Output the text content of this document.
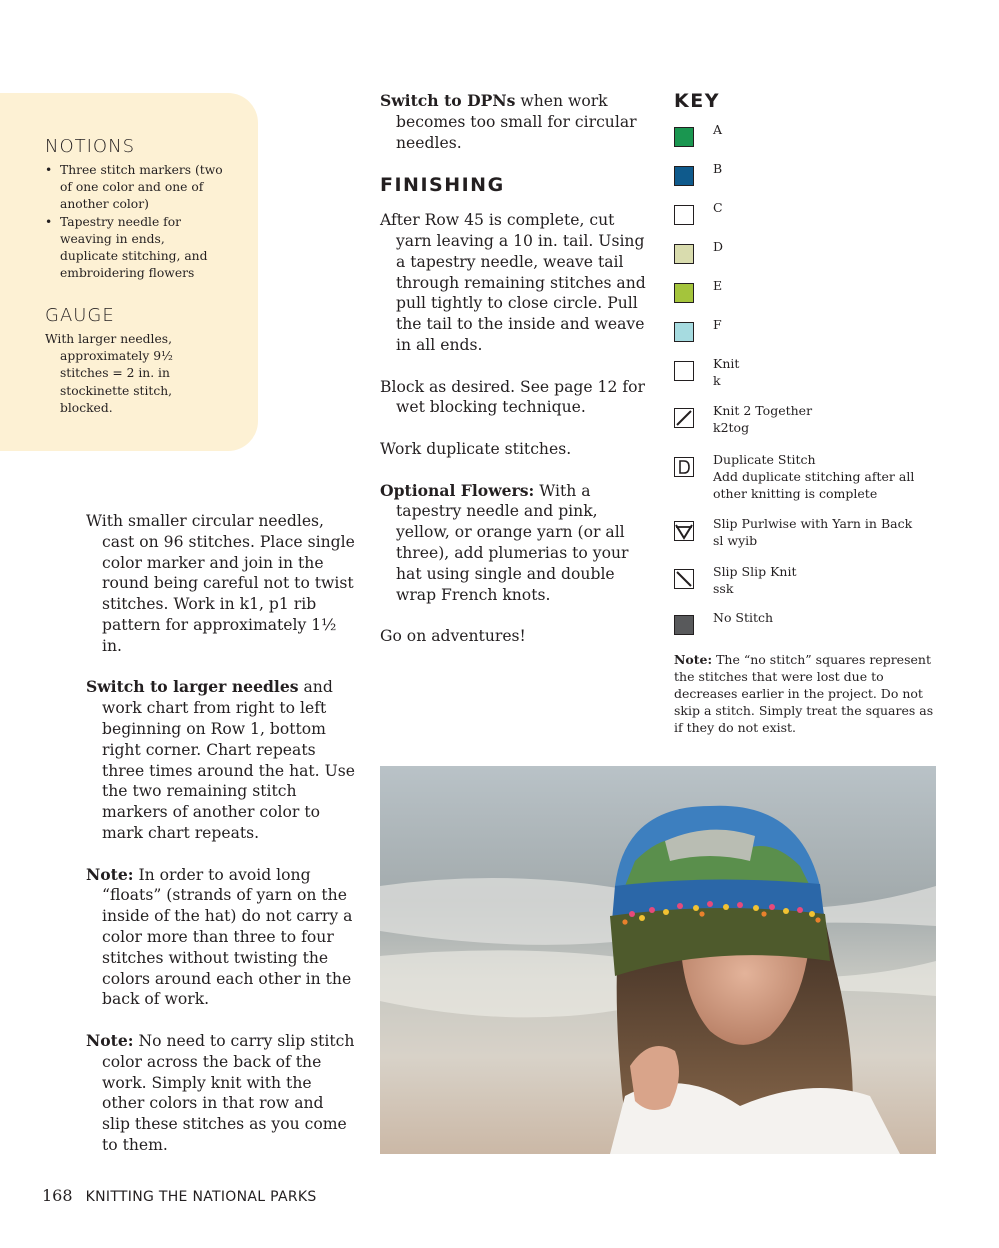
NOTIONS
• Three stitch markers (two of one color and one of another color)
• Tapestry needle for weaving in ends, duplicate stitching, and embroidering flowers
GAUGE

With larger needles, approximately 9½ stitches = 2 in. in stockinette stitch, blocked.

With smaller circular needles, cast on 96 stitches. Place single color marker and join in the round being careful not to twist stitches. Work in k1, p1 rib pattern for approximately 1½ in.

Switch to larger needles and work chart from right to left beginning on Row 1, bottom right corner. Chart repeats three times around the hat. Use the two remaining stitch markers of another color to mark chart repeats.

Note: In order to avoid long “floats” (strands of yarn on the inside of the hat) do not carry a color more than three to four stitches without twisting the colors around each other in the back of work.

Note: No need to carry slip stitch color across the back of the work. Simply knit with the other colors in that row and slip these stitches as you come to them.

Switch to DPNs when work becomes too small for circular needles.

FINISHING

After Row 45 is complete, cut yarn leaving a 10 in. tail. Using a tapestry needle, weave tail through remaining stitches and pull tightly to close circle. Pull the tail to the inside and weave in all ends.

Block as desired. See page 12 for wet blocking technique.

Work duplicate stitches.

Optional Flowers: With a tapestry needle and pink, yellow, or orange yarn (or all three), add plumerias to your hat using single and double wrap French knots.

Go on adventures!

KEY
A
B
C
D
E
F
Knit
k
Knit 2 Together
k2tog
Duplicate Stitch
Add duplicate stitching after all other knitting is complete
Slip Purlwise with Yarn in Back
sl wyib
Slip Slip Knit
ssk
No Stitch

Note: The “no stitch” squares represent the stitches that were lost due to decreases earlier in the project. Do not skip a stitch. Simply treat the squares as if they do not exist.

168 KNITTING THE NATIONAL PARKS
